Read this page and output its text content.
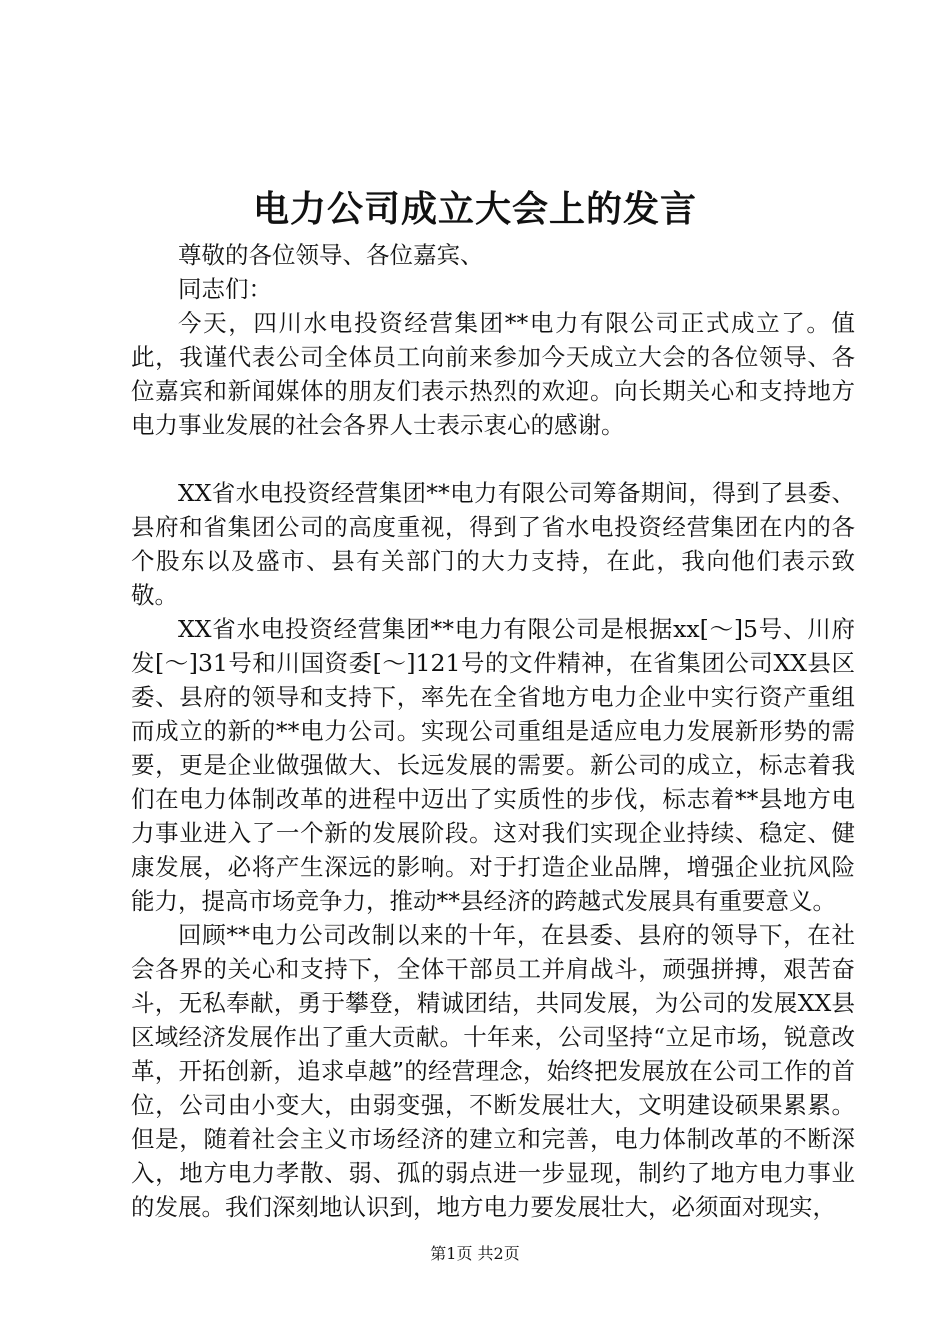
电力公司成立大会上的发言

尊敬的各位领导、各位嘉宾、

同志们：

今天，四川水电投资经营集团**电力有限公司正式成立了。值此，我谨代表公司全体员工向前来参加今天成立大会的各位领导、各位嘉宾和新闻媒体的朋友们表示热烈的欢迎。向长期关心和支持地方电力事业发展的社会各界人士表示衷心的感谢。

XX省水电投资经营集团**电力有限公司筹备期间，得到了县委、县府和省集团公司的高度重视，得到了省水电投资经营集团在内的各个股东以及盛市、县有关部门的大力支持，在此，我向他们表示致敬。

XX省水电投资经营集团**电力有限公司是根据xx[～]5号、川府发[～]31号和川国资委[～]121号的文件精神，在省集团公司XX县区委、县府的领导和支持下，率先在全省地方电力企业中实行资产重组而成立的新的**电力公司。实现公司重组是适应电力发展新形势的需要，更是企业做强做大、长远发展的需要。新公司的成立，标志着我们在电力体制改革的进程中迈出了实质性的步伐，标志着**县地方电力事业进入了一个新的发展阶段。这对我们实现企业持续、稳定、健康发展，必将产生深远的影响。对于打造企业品牌，增强企业抗风险能力，提高市场竞争力，推动**县经济的跨越式发展具有重要意义。

回顾**电力公司改制以来的十年，在县委、县府的领导下，在社会各界的关心和支持下，全体干部员工并肩战斗，顽强拼搏，艰苦奋斗，无私奉献，勇于攀登，精诚团结，共同发展，为公司的发展XX县区域经济发展作出了重大贡献。十年来，公司坚持“立足市场，锐意改革，开拓创新，追求卓越”的经营理念，始终把发展放在公司工作的首位，公司由小变大，由弱变强，不断发展壮大，文明建设硕果累累。但是，随着社会主义市场经济的建立和完善，电力体制改革的不断深入，地方电力孝散、弱、孤的弱点进一步显现，制约了地方电力事业的发展。我们深刻地认识到，地方电力要发展壮大，必须面对现实，

第1页 共2页
